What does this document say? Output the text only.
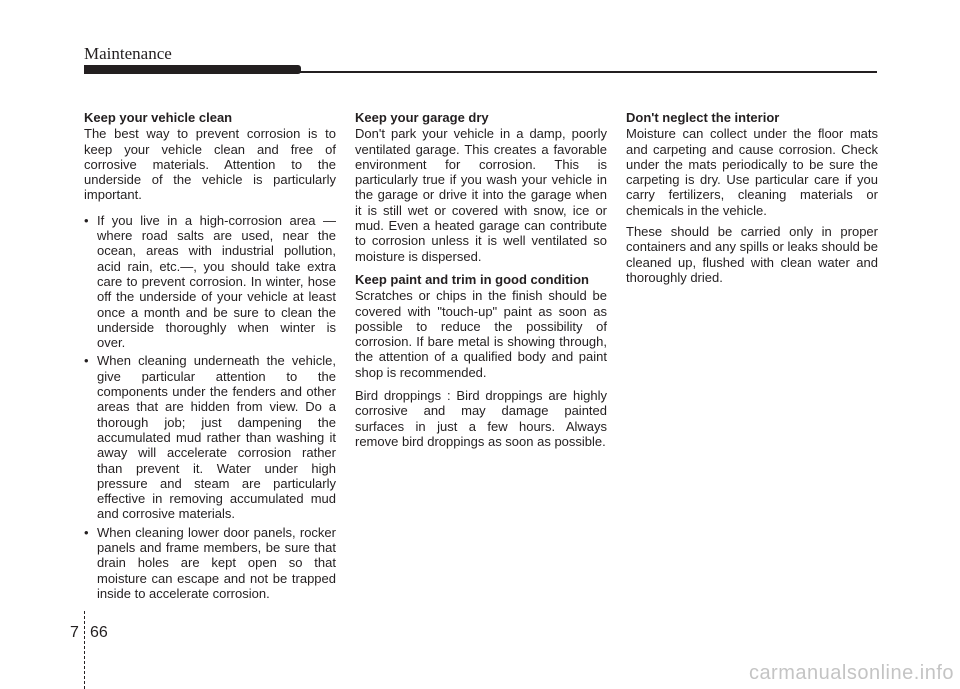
Maintenance
Keep your vehicle clean

The best way to prevent corrosion is to keep your vehicle clean and free of corrosive materials. Attention to the underside of the vehicle is particularly important.

• If you live in a high-corrosion area — where road salts are used, near the ocean, areas with industrial pollution, acid rain, etc.—, you should take extra care to prevent corrosion. In winter, hose off the underside of your vehicle at least once a month and be sure to clean the underside thoroughly when winter is over.
• When cleaning underneath the vehicle, give particular attention to the components under the fenders and other areas that are hidden from view. Do a thorough job; just dampening the accumulated mud rather than washing it away will accelerate corrosion rather than prevent it. Water under high pressure and steam are particularly effective in removing accumulated mud and corrosive materials.
• When cleaning lower door panels, rocker panels and frame members, be sure that drain holes are kept open so that moisture can escape and not be trapped inside to accelerate corrosion.
Keep your garage dry

Don't park your vehicle in a damp, poorly ventilated garage. This creates a favorable environment for corrosion. This is particularly true if you wash your vehicle in the garage or drive it into the garage when it is still wet or covered with snow, ice or mud. Even a heated garage can contribute to corrosion unless it is well ventilated so moisture is dispersed.

Keep paint and trim in good condition

Scratches or chips in the finish should be covered with "touch-up" paint as soon as possible to reduce the possibility of corrosion. If bare metal is showing through, the attention of a qualified body and paint shop is recommended.

Bird droppings : Bird droppings are highly corrosive and may damage painted surfaces in just a few hours. Always remove bird droppings as soon as possible.

Don't neglect the interior

Moisture can collect under the floor mats and carpeting and cause corrosion. Check under the mats periodically to be sure the carpeting is dry. Use particular care if you carry fertilizers, cleaning materials or chemicals in the vehicle.

These should be carried only in proper containers and any spills or leaks should be cleaned up, flushed with clean water and thoroughly dried.

7 66
carmanualsonline.info
